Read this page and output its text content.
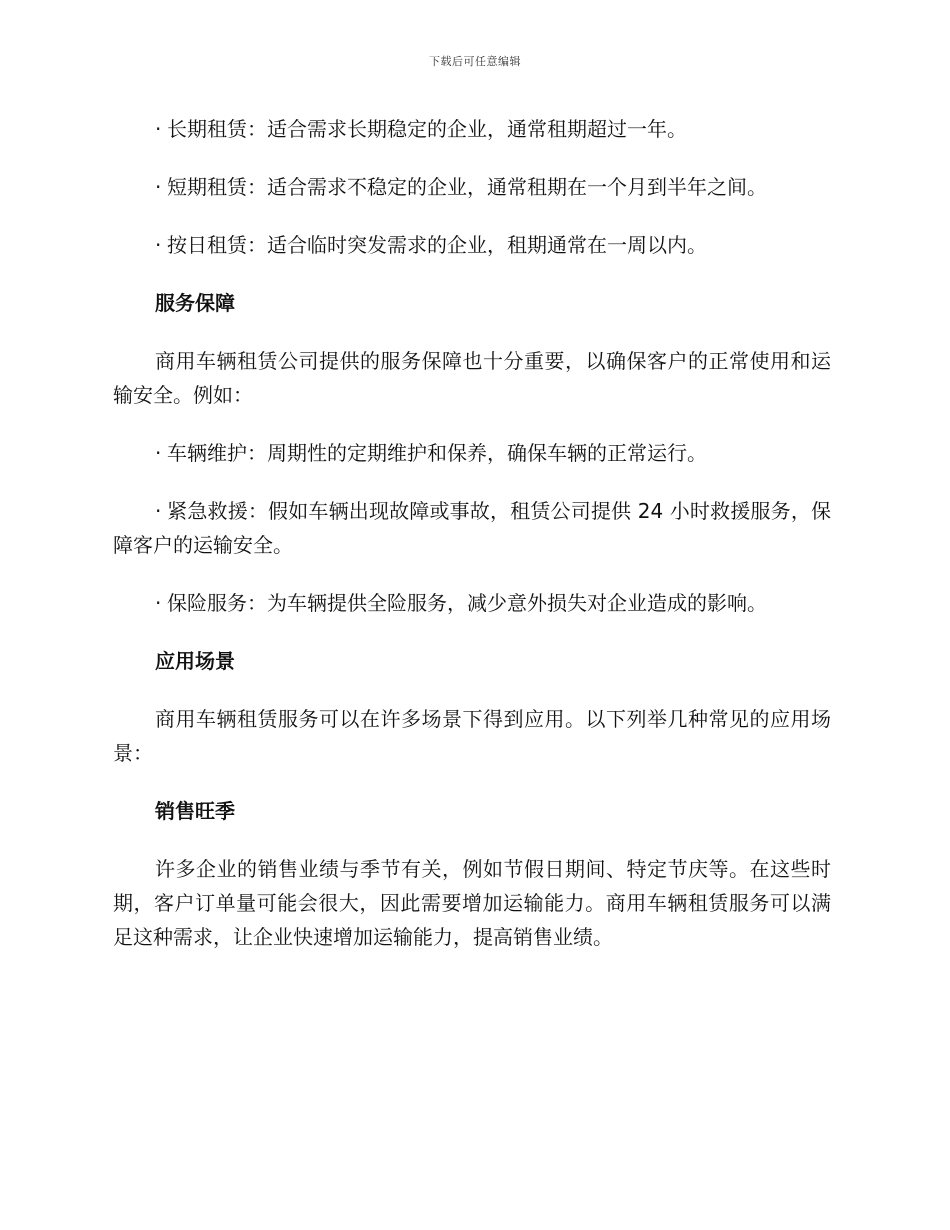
下载后可任意编辑

· 长期租赁：适合需求长期稳定的企业，通常租期超过一年。

· 短期租赁：适合需求不稳定的企业，通常租期在一个月到半年之间。

· 按日租赁：适合临时突发需求的企业，租期通常在一周以内。

服务保障

商用车辆租赁公司提供的服务保障也十分重要，以确保客户的正常使用和运输安全。例如：

· 车辆维护：周期性的定期维护和保养，确保车辆的正常运行。

· 紧急救援：假如车辆出现故障或事故，租赁公司提供 24 小时救援服务，保障客户的运输安全。

· 保险服务：为车辆提供全险服务，减少意外损失对企业造成的影响。

应用场景

商用车辆租赁服务可以在许多场景下得到应用。以下列举几种常见的应用场景：

销售旺季

许多企业的销售业绩与季节有关，例如节假日期间、特定节庆等。在这些时期，客户订单量可能会很大，因此需要增加运输能力。商用车辆租赁服务可以满足这种需求，让企业快速增加运输能力，提高销售业绩。
